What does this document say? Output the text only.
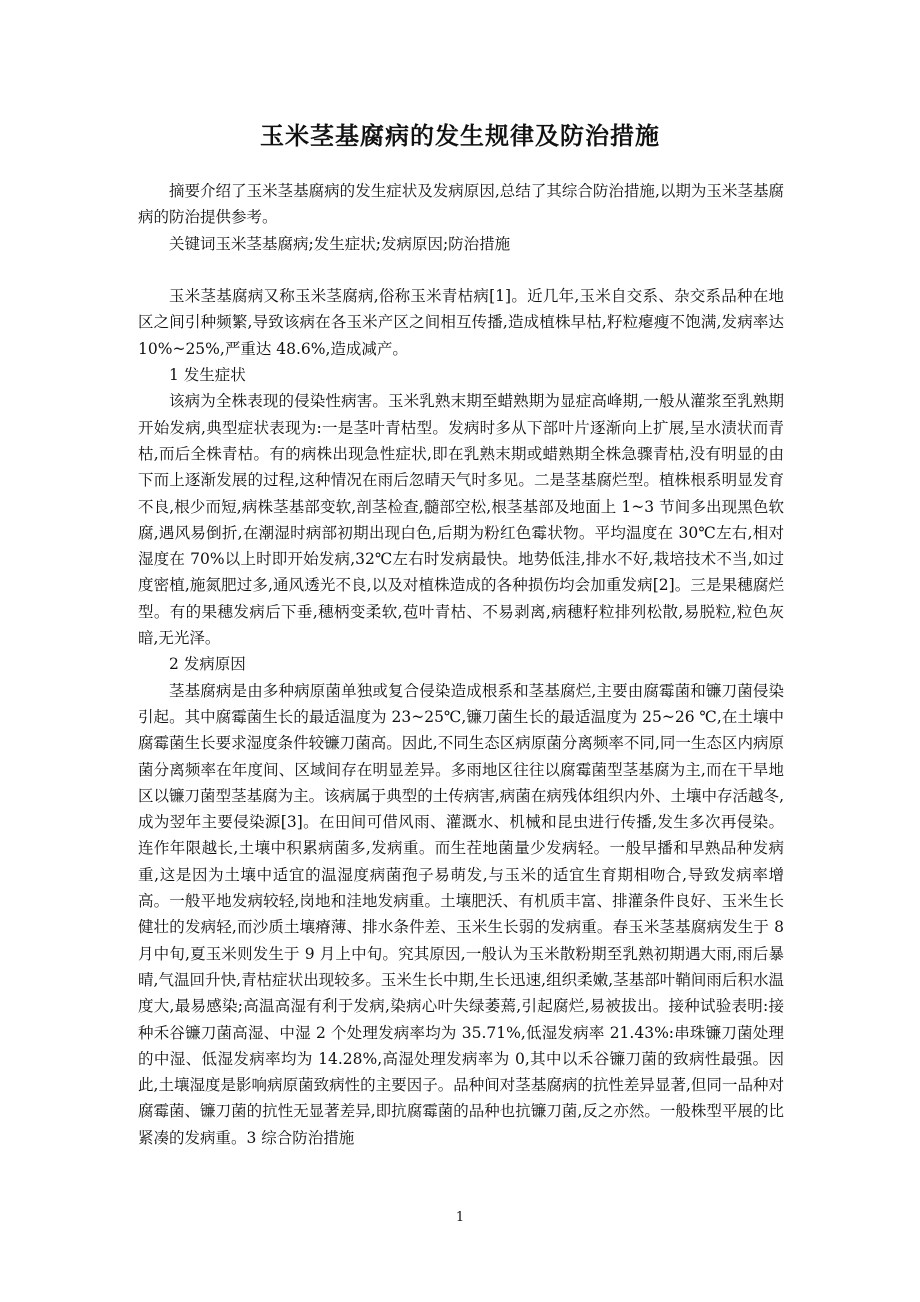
玉米茎基腐病的发生规律及防治措施

摘要介绍了玉米茎基腐病的发生症状及发病原因,总结了其综合防治措施,以期为玉米茎基腐病的防治提供参考。

关键词玉米茎基腐病;发生症状;发病原因;防治措施

玉米茎基腐病又称玉米茎腐病,俗称玉米青枯病[1]。近几年,玉米自交系、杂交系品种在地区之间引种频繁,导致该病在各玉米产区之间相互传播,造成植株早枯,籽粒瘪瘦不饱满,发病率达 10%~25%,严重达 48.6%,造成减产。

1 发生症状

该病为全株表现的侵染性病害。玉米乳熟末期至蜡熟期为显症高峰期,一般从灌浆至乳熟期开始发病,典型症状表现为:一是茎叶青枯型。发病时多从下部叶片逐渐向上扩展,呈水渍状而青枯,而后全株青枯。有的病株出现急性症状,即在乳熟末期或蜡熟期全株急骤青枯,没有明显的由下而上逐渐发展的过程,这种情况在雨后忽晴天气时多见。二是茎基腐烂型。植株根系明显发育不良,根少而短,病株茎基部变软,剖茎检查,髓部空松,根茎基部及地面上 1~3 节间多出现黑色软腐,遇风易倒折,在潮湿时病部初期出现白色,后期为粉红色霉状物。平均温度在 30℃左右,相对湿度在 70%以上时即开始发病,32℃左右时发病最快。地势低洼,排水不好,栽培技术不当,如过度密植,施氮肥过多,通风透光不良,以及对植株造成的各种损伤均会加重发病[2]。三是果穗腐烂型。有的果穗发病后下垂,穗柄变柔软,苞叶青枯、不易剥离,病穗籽粒排列松散,易脱粒,粒色灰暗,无光泽。

2 发病原因

茎基腐病是由多种病原菌单独或复合侵染造成根系和茎基腐烂,主要由腐霉菌和镰刀菌侵染引起。其中腐霉菌生长的最适温度为 23~25℃,镰刀菌生长的最适温度为 25~26 ℃,在土壤中腐霉菌生长要求湿度条件较镰刀菌高。因此,不同生态区病原菌分离频率不同,同一生态区内病原菌分离频率在年度间、区域间存在明显差异。多雨地区往往以腐霉菌型茎基腐为主,而在干旱地区以镰刀菌型茎基腐为主。该病属于典型的土传病害,病菌在病残体组织内外、土壤中存活越冬,成为翌年主要侵染源[3]。在田间可借风雨、灌溉水、机械和昆虫进行传播,发生多次再侵染。连作年限越长,土壤中积累病菌多,发病重。而生茬地菌量少发病轻。一般早播和早熟品种发病重,这是因为土壤中适宜的温湿度病菌孢子易萌发,与玉米的适宜生育期相吻合,导致发病率增高。一般平地发病较轻,岗地和洼地发病重。土壤肥沃、有机质丰富、排灌条件良好、玉米生长健壮的发病轻,而沙质土壤瘠薄、排水条件差、玉米生长弱的发病重。春玉米茎基腐病发生于 8 月中旬,夏玉米则发生于 9 月上中旬。究其原因,一般认为玉米散粉期至乳熟初期遇大雨,雨后暴晴,气温回升快,青枯症状出现较多。玉米生长中期,生长迅速,组织柔嫩,茎基部叶鞘间雨后积水温度大,最易感染;高温高湿有利于发病,染病心叶失绿萎蔫,引起腐烂,易被拔出。接种试验表明:接种禾谷镰刀菌高湿、中湿 2 个处理发病率均为 35.71%,低湿发病率 21.43%:串珠镰刀菌处理的中湿、低湿发病率均为 14.28%,高湿处理发病率为 0,其中以禾谷镰刀菌的致病性最强。因此,土壤湿度是影响病原菌致病性的主要因子。品种间对茎基腐病的抗性差异显著,但同一品种对腐霉菌、镰刀菌的抗性无显著差异,即抗腐霉菌的品种也抗镰刀菌,反之亦然。一般株型平展的比紧凑的发病重。3 综合防治措施

1
